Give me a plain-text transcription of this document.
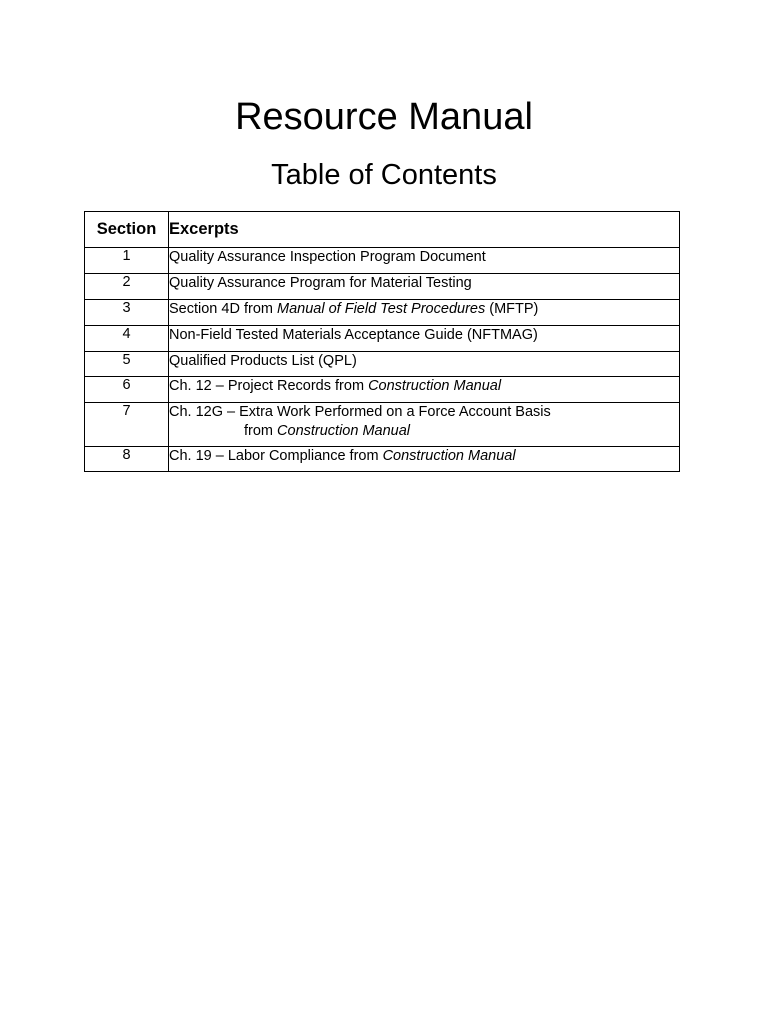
Resource Manual
Table of Contents
Section	Excerpts
1	Quality Assurance Inspection Program Document
2	Quality Assurance Program for Material Testing
3	Section 4D from Manual of Field Test Procedures (MFTP)
4	Non-Field Tested Materials Acceptance Guide (NFTMAG)
5	Qualified Products List (QPL)
6	Ch. 12 – Project Records from Construction Manual
7	Ch. 12G – Extra Work Performed on a Force Account Basis
from Construction Manual

8	Ch. 19 – Labor Compliance from Construction Manual
